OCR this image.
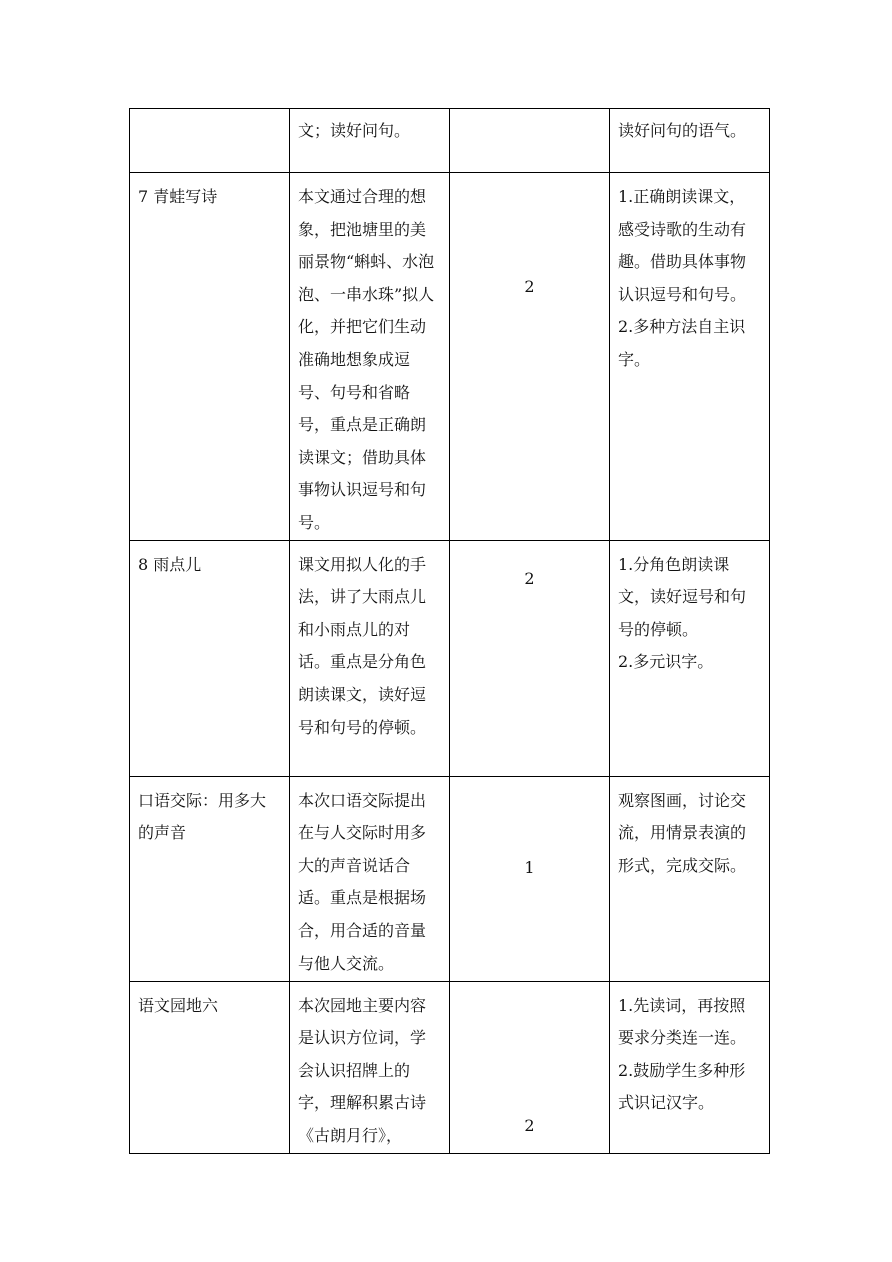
	文；读好问句。		读好问句的语气。

7 青蛙写诗	本文通过合理的想象，把池塘里的美丽景物“蝌蚪、水泡泡、一串水珠”拟人化，并把它们生动准确地想象成逗号、句号和省略号，重点是正确朗读课文；借助具体事物认识逗号和句号。	2	1.正确朗读课文，感受诗歌的生动有趣。借助具体事物认识逗号和句号。
2.多种方法自主识字。

8 雨点儿	课文用拟人化的手法，讲了大雨点儿和小雨点儿的对话。重点是分角色朗读课文，读好逗号和句号的停顿。	2	1.分角色朗读课文，读好逗号和句号的停顿。
2.多元识字。

口语交际：用多大的声音	本次口语交际提出在与人交际时用多大的声音说话合适。重点是根据场合，用合适的音量与他人交流。	1	观察图画，讨论交流，用情景表演的形式，完成交际。

语文园地六	本次园地主要内容是认识方位词，学会认识招牌上的字，理解积累古诗《古朗月行》，	2	1.先读词，再按照要求分类连一连。
2.鼓励学生多种形式识记汉字。
